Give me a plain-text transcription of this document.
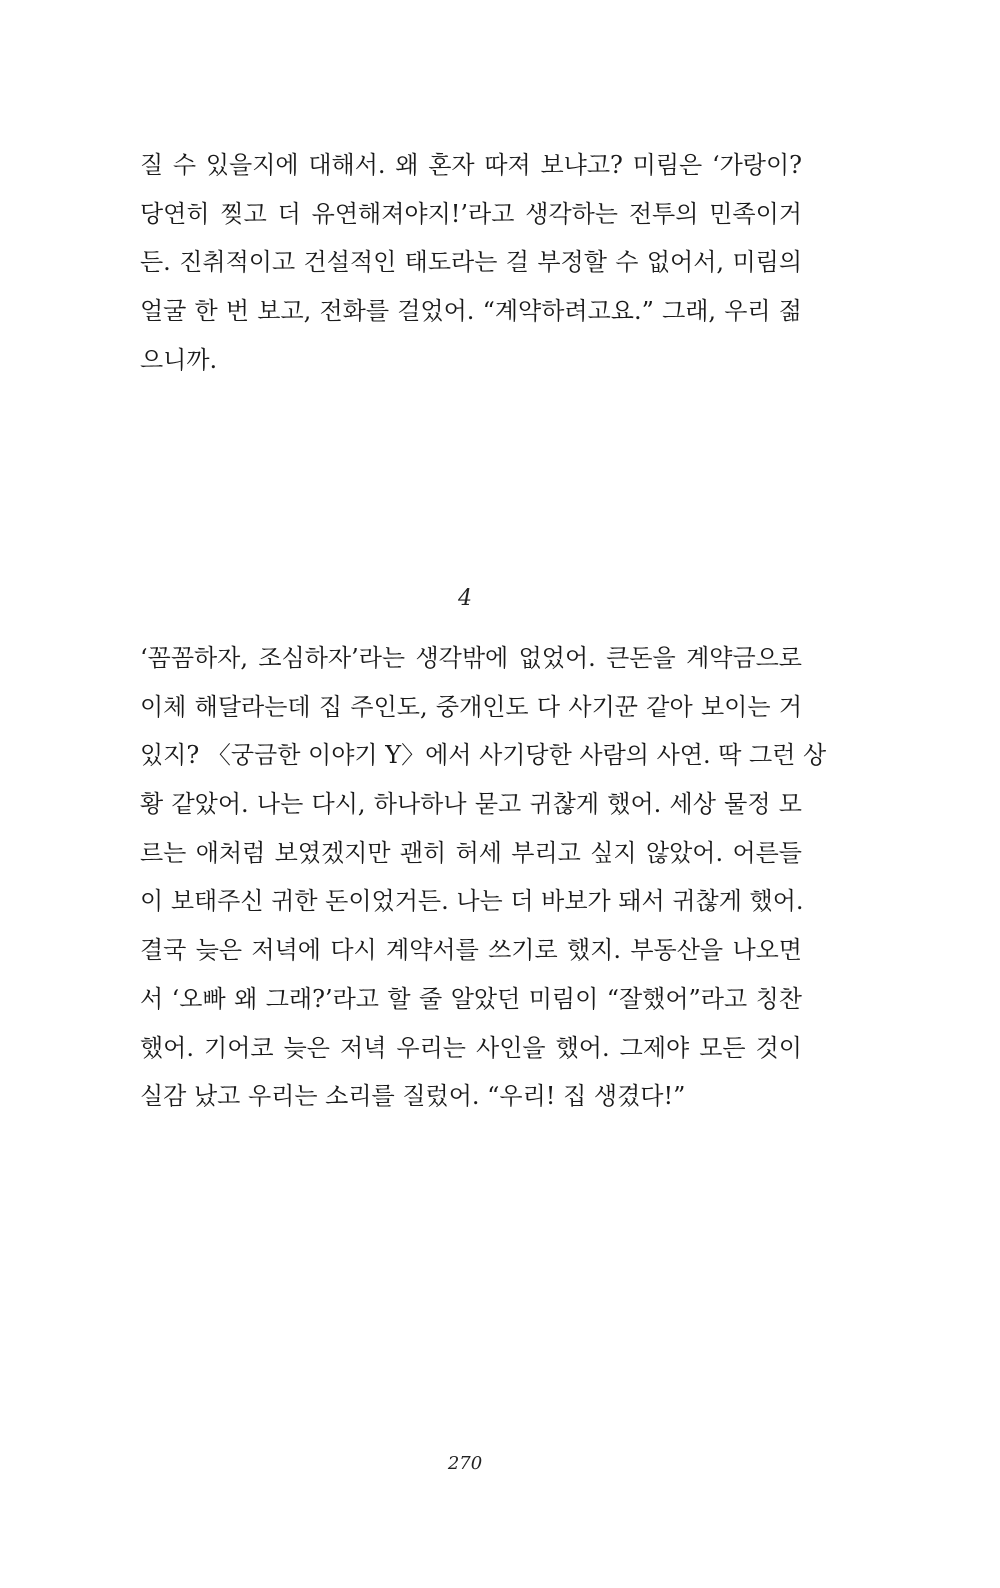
질 수 있을지에 대해서. 왜 혼자 따져 보냐고? 미림은 ‘가랑이?
당연히 찢고 더 유연해져야지!’라고 생각하는 전투의 민족이거
든. 진취적이고 건설적인 태도라는 걸 부정할 수 없어서, 미림의
얼굴 한 번 보고, 전화를 걸었어. “계약하려고요.” 그래, 우리 젊
으니까.
4
‘꼼꼼하자, 조심하자’라는 생각밖에 없었어. 큰돈을 계약금으로
이체 해달라는데 집 주인도, 중개인도 다 사기꾼 같아 보이는 거
있지? 〈궁금한 이야기 Y〉에서 사기당한 사람의 사연. 딱 그런 상
황 같았어. 나는 다시, 하나하나 묻고 귀찮게 했어. 세상 물정 모
르는 애처럼 보였겠지만 괜히 허세 부리고 싶지 않았어. 어른들
이 보태주신 귀한 돈이었거든. 나는 더 바보가 돼서 귀찮게 했어.
결국 늦은 저녁에 다시 계약서를 쓰기로 했지. 부동산을 나오면
서 ‘오빠 왜 그래?’라고 할 줄 알았던 미림이 “잘했어”라고 칭찬
했어. 기어코 늦은 저녁 우리는 사인을 했어. 그제야 모든 것이
실감 났고 우리는 소리를 질렀어. “우리! 집 생겼다!”
270
